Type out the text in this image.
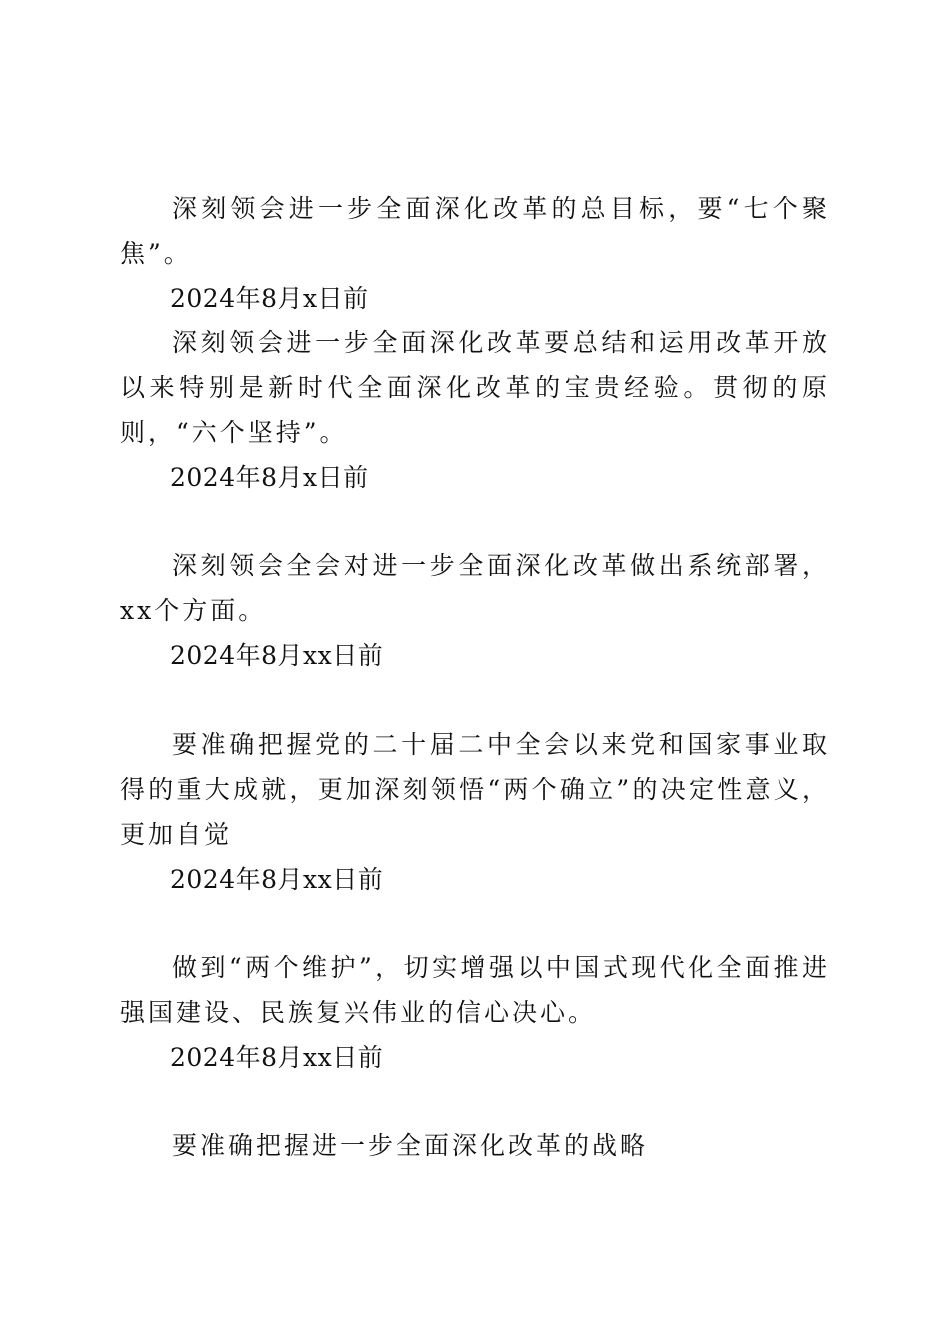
深刻领会进一步全面深化改革的总目标，要“七个聚焦”。

2024年8月x日前

深刻领会进一步全面深化改革要总结和运用改革开放以来特别是新时代全面深化改革的宝贵经验。贯彻的原则，“六个坚持”。

2024年8月x日前

深刻领会全会对进一步全面深化改革做出系统部署，xx个方面。

2024年8月xx日前

要准确把握党的二十届二中全会以来党和国家事业取得的重大成就，更加深刻领悟“两个确立”的决定性意义，更加自觉

2024年8月xx日前

做到“两个维护”，切实增强以中国式现代化全面推进强国建设、民族复兴伟业的信心决心。

2024年8月xx日前

要准确把握进一步全面深化改革的战略
